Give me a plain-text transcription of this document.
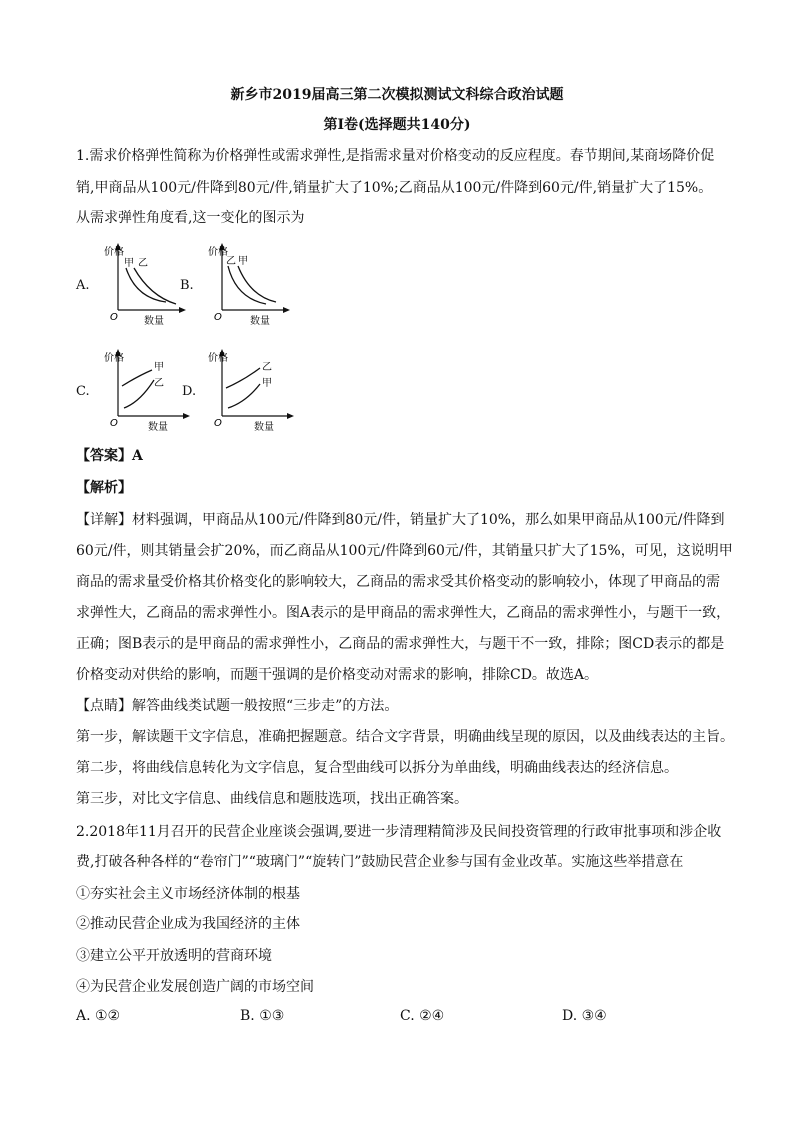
新乡市2019届高三第二次模拟测试文科综合政治试题
第Ⅰ卷(选择题共140分)
1.需求价格弹性简称为价格弹性或需求弹性,是指需求量对价格变动的反应程度。春节期间,某商场降价促
销,甲商品从100元/件降到80元/件,销量扩大了10%;乙商品从100元/件降到60元/件,销量扩大了15%。
从需求弹性角度看,这一变化的图示为
A.
价格
数量
O
甲 乙
B.
价格
数量
O
乙 甲
C.
价格
数量
O
甲
乙
D.
价格
数量
O
乙
甲
【答案】A
【解析】
【详解】材料强调，甲商品从100元/件降到80元/件，销量扩大了10%，那么如果甲商品从100元/件降到
60元/件，则其销量会扩20%，而乙商品从100元/件降到60元/件，其销量只扩大了15%，可见，这说明甲
商品的需求量受价格其价格变化的影响较大，乙商品的需求受其价格变动的影响较小，体现了甲商品的需
求弹性大，乙商品的需求弹性小。图A表示的是甲商品的需求弹性大，乙商品的需求弹性小，与题干一致，
正确；图B表示的是甲商品的需求弹性小，乙商品的需求弹性大，与题干不一致，排除；图CD表示的都是
价格变动对供给的影响，而题干强调的是价格变动对需求的影响，排除CD。故选A。
【点睛】解答曲线类试题一般按照“三步走”的方法。
第一步，解读题干文字信息，准确把握题意。结合文字背景，明确曲线呈现的原因，以及曲线表达的主旨。
第二步，将曲线信息转化为文字信息，复合型曲线可以拆分为单曲线，明确曲线表达的经济信息。
第三步，对比文字信息、曲线信息和题肢选项，找出正确答案。
2.2018年11月召开的民营企业座谈会强调,要进一步清理精简涉及民间投资管理的行政审批事项和涉企收
费,打破各种各样的“卷帘门”“玻璃门”“旋转门”鼓励民营企业参与国有金业改革。实施这些举措意在
①夯实社会主义市场经济体制的根基
②推动民营企业成为我国经济的主体
③建立公平开放透明的营商环境
④为民营企业发展创造广阔的市场空间
A. ①②	B. ①③	C. ②④	D. ③④
